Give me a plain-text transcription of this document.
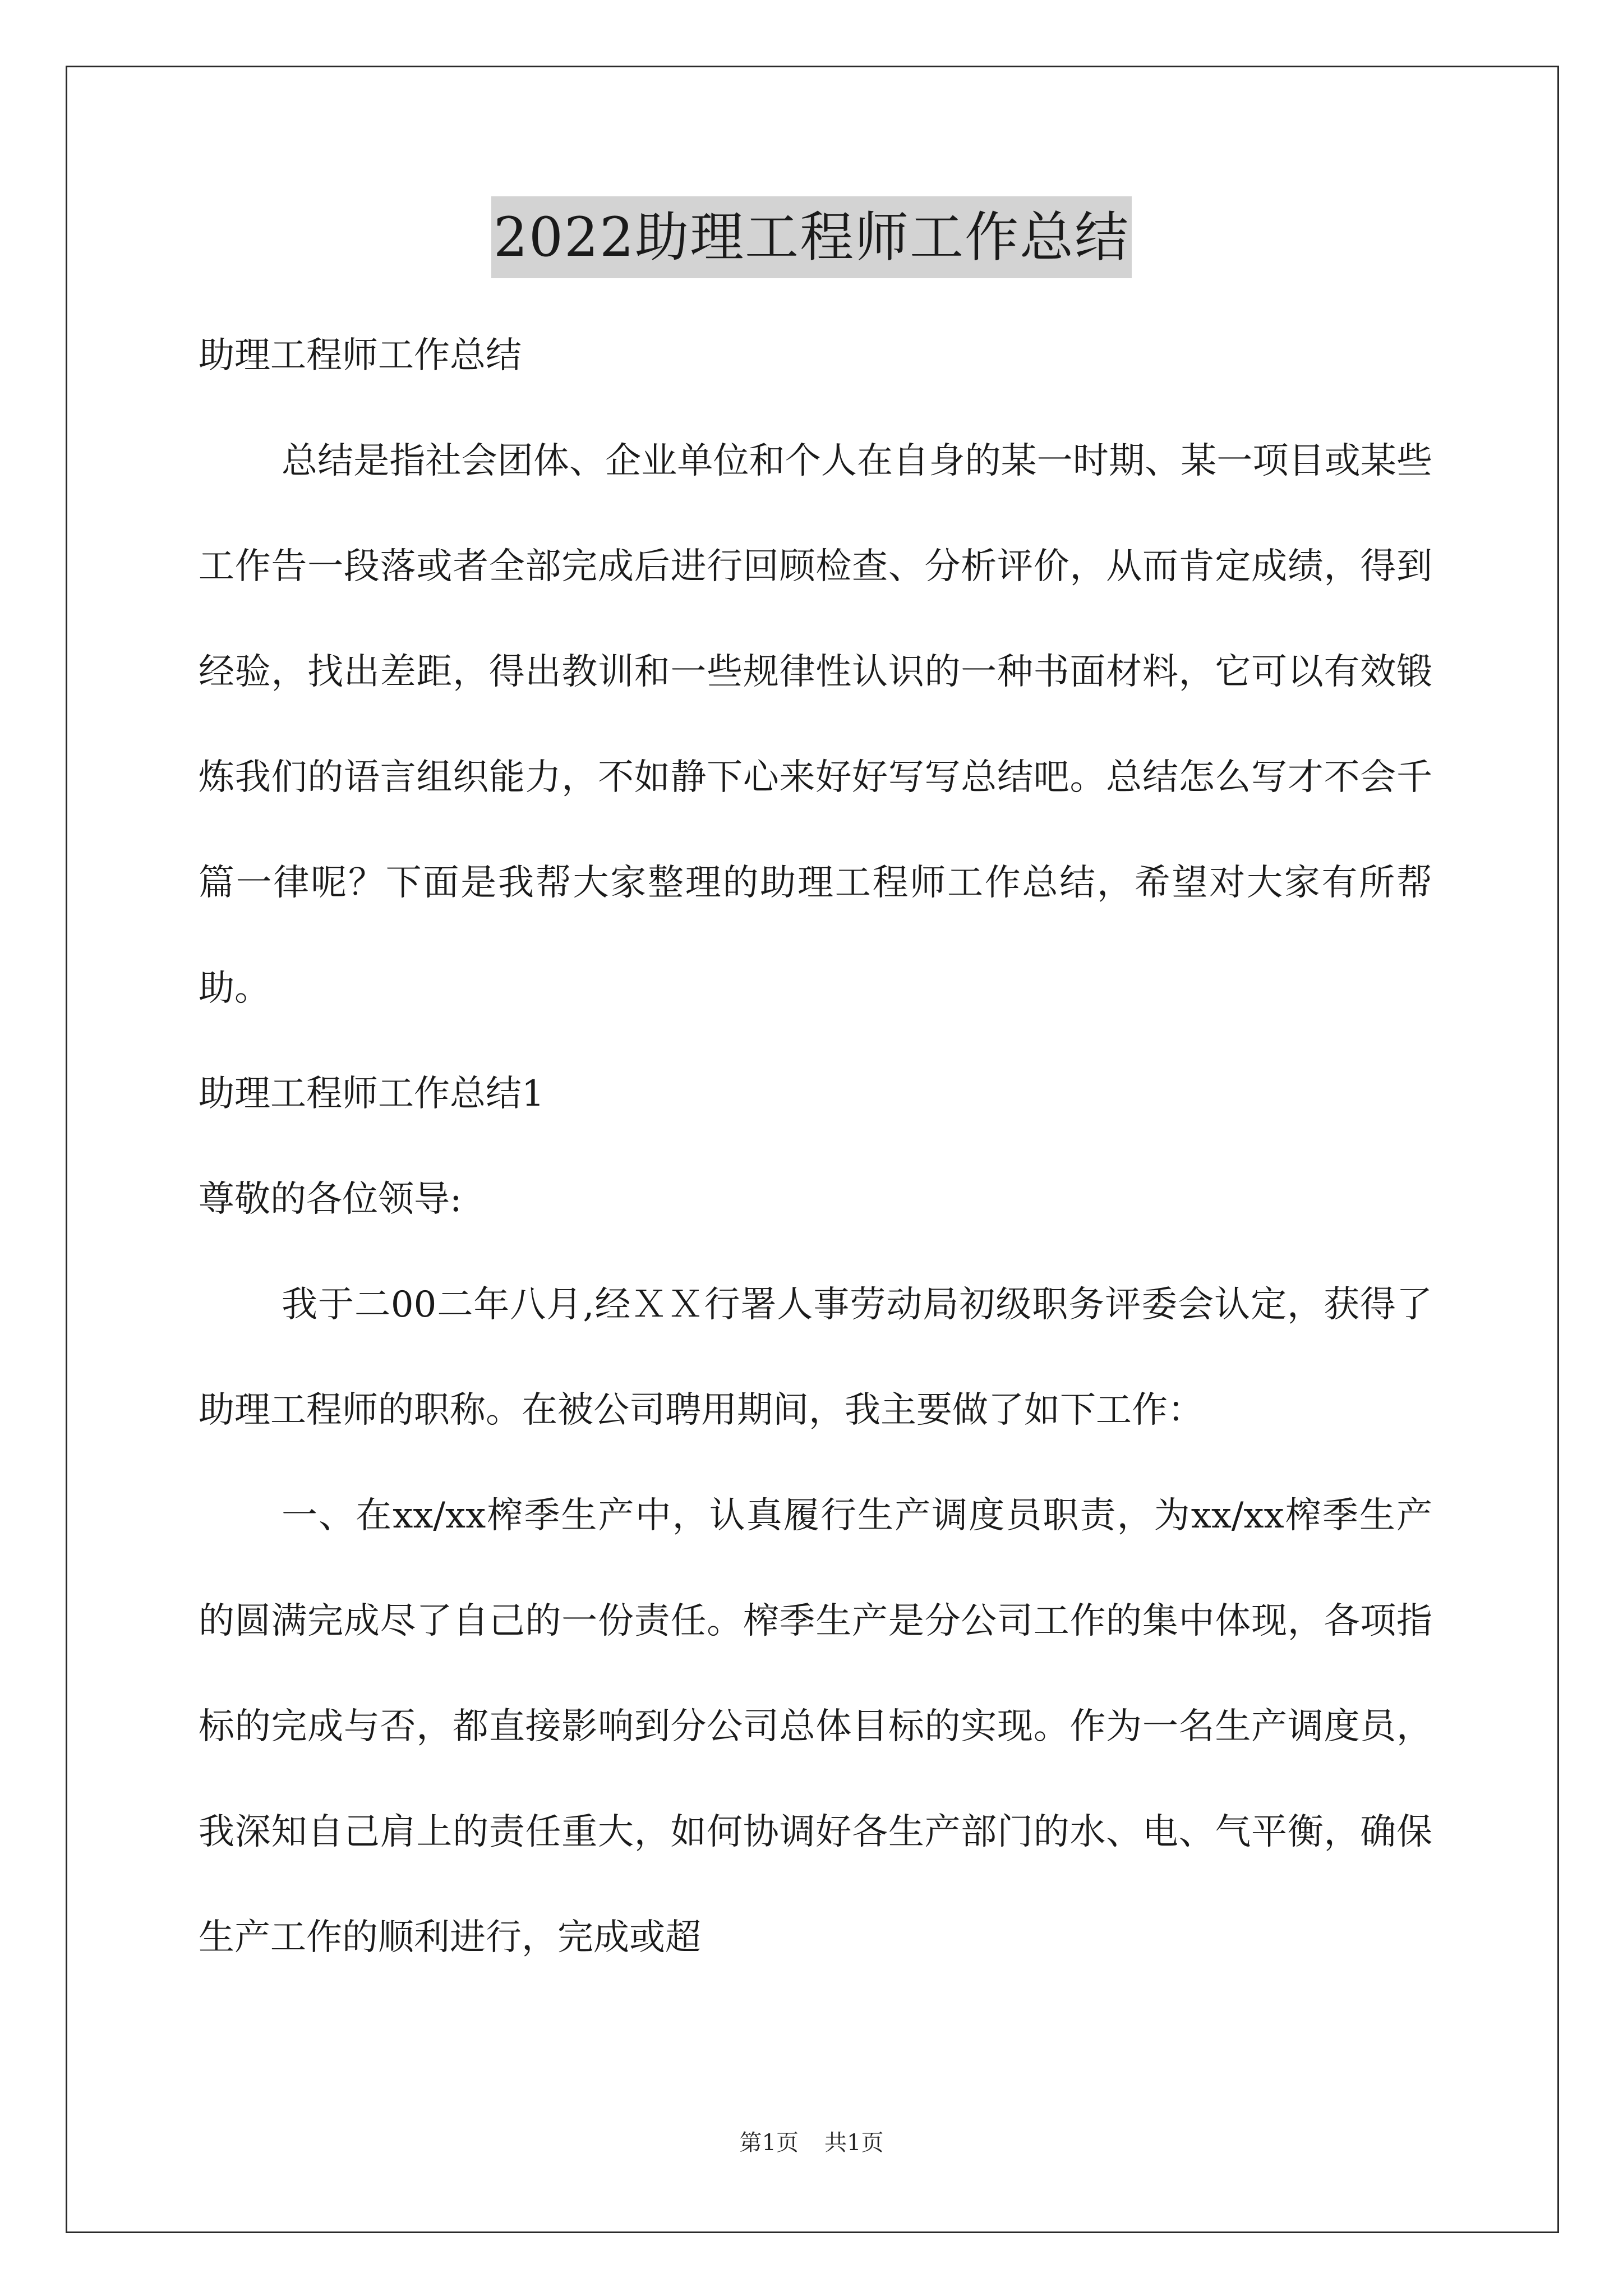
2022助理工程师工作总结

助理工程师工作总结

总结是指社会团体、企业单位和个人在自身的某一时期、某一项目或某些工作告一段落或者全部完成后进行回顾检查、分析评价，从而肯定成绩，得到经验，找出差距，得出教训和一些规律性认识的一种书面材料，它可以有效锻炼我们的语言组织能力，不如静下心来好好写写总结吧。总结怎么写才不会千篇一律呢？下面是我帮大家整理的助理工程师工作总结，希望对大家有所帮助。

助理工程师工作总结1

尊敬的各位领导:

我于二00二年八月,经ＸＸ行署人事劳动局初级职务评委会认定，获得了助理工程师的职称。在被公司聘用期间，我主要做了如下工作：

一、在xx/xx榨季生产中，认真履行生产调度员职责，为xx/xx榨季生产的圆满完成尽了自己的一份责任。榨季生产是分公司工作的集中体现，各项指标的完成与否，都直接影响到分公司总体目标的实现。作为一名生产调度员，我深知自己肩上的责任重大，如何协调好各生产部门的水、电、气平衡，确保生产工作的顺利进行，完成或超

第1页 共1页
